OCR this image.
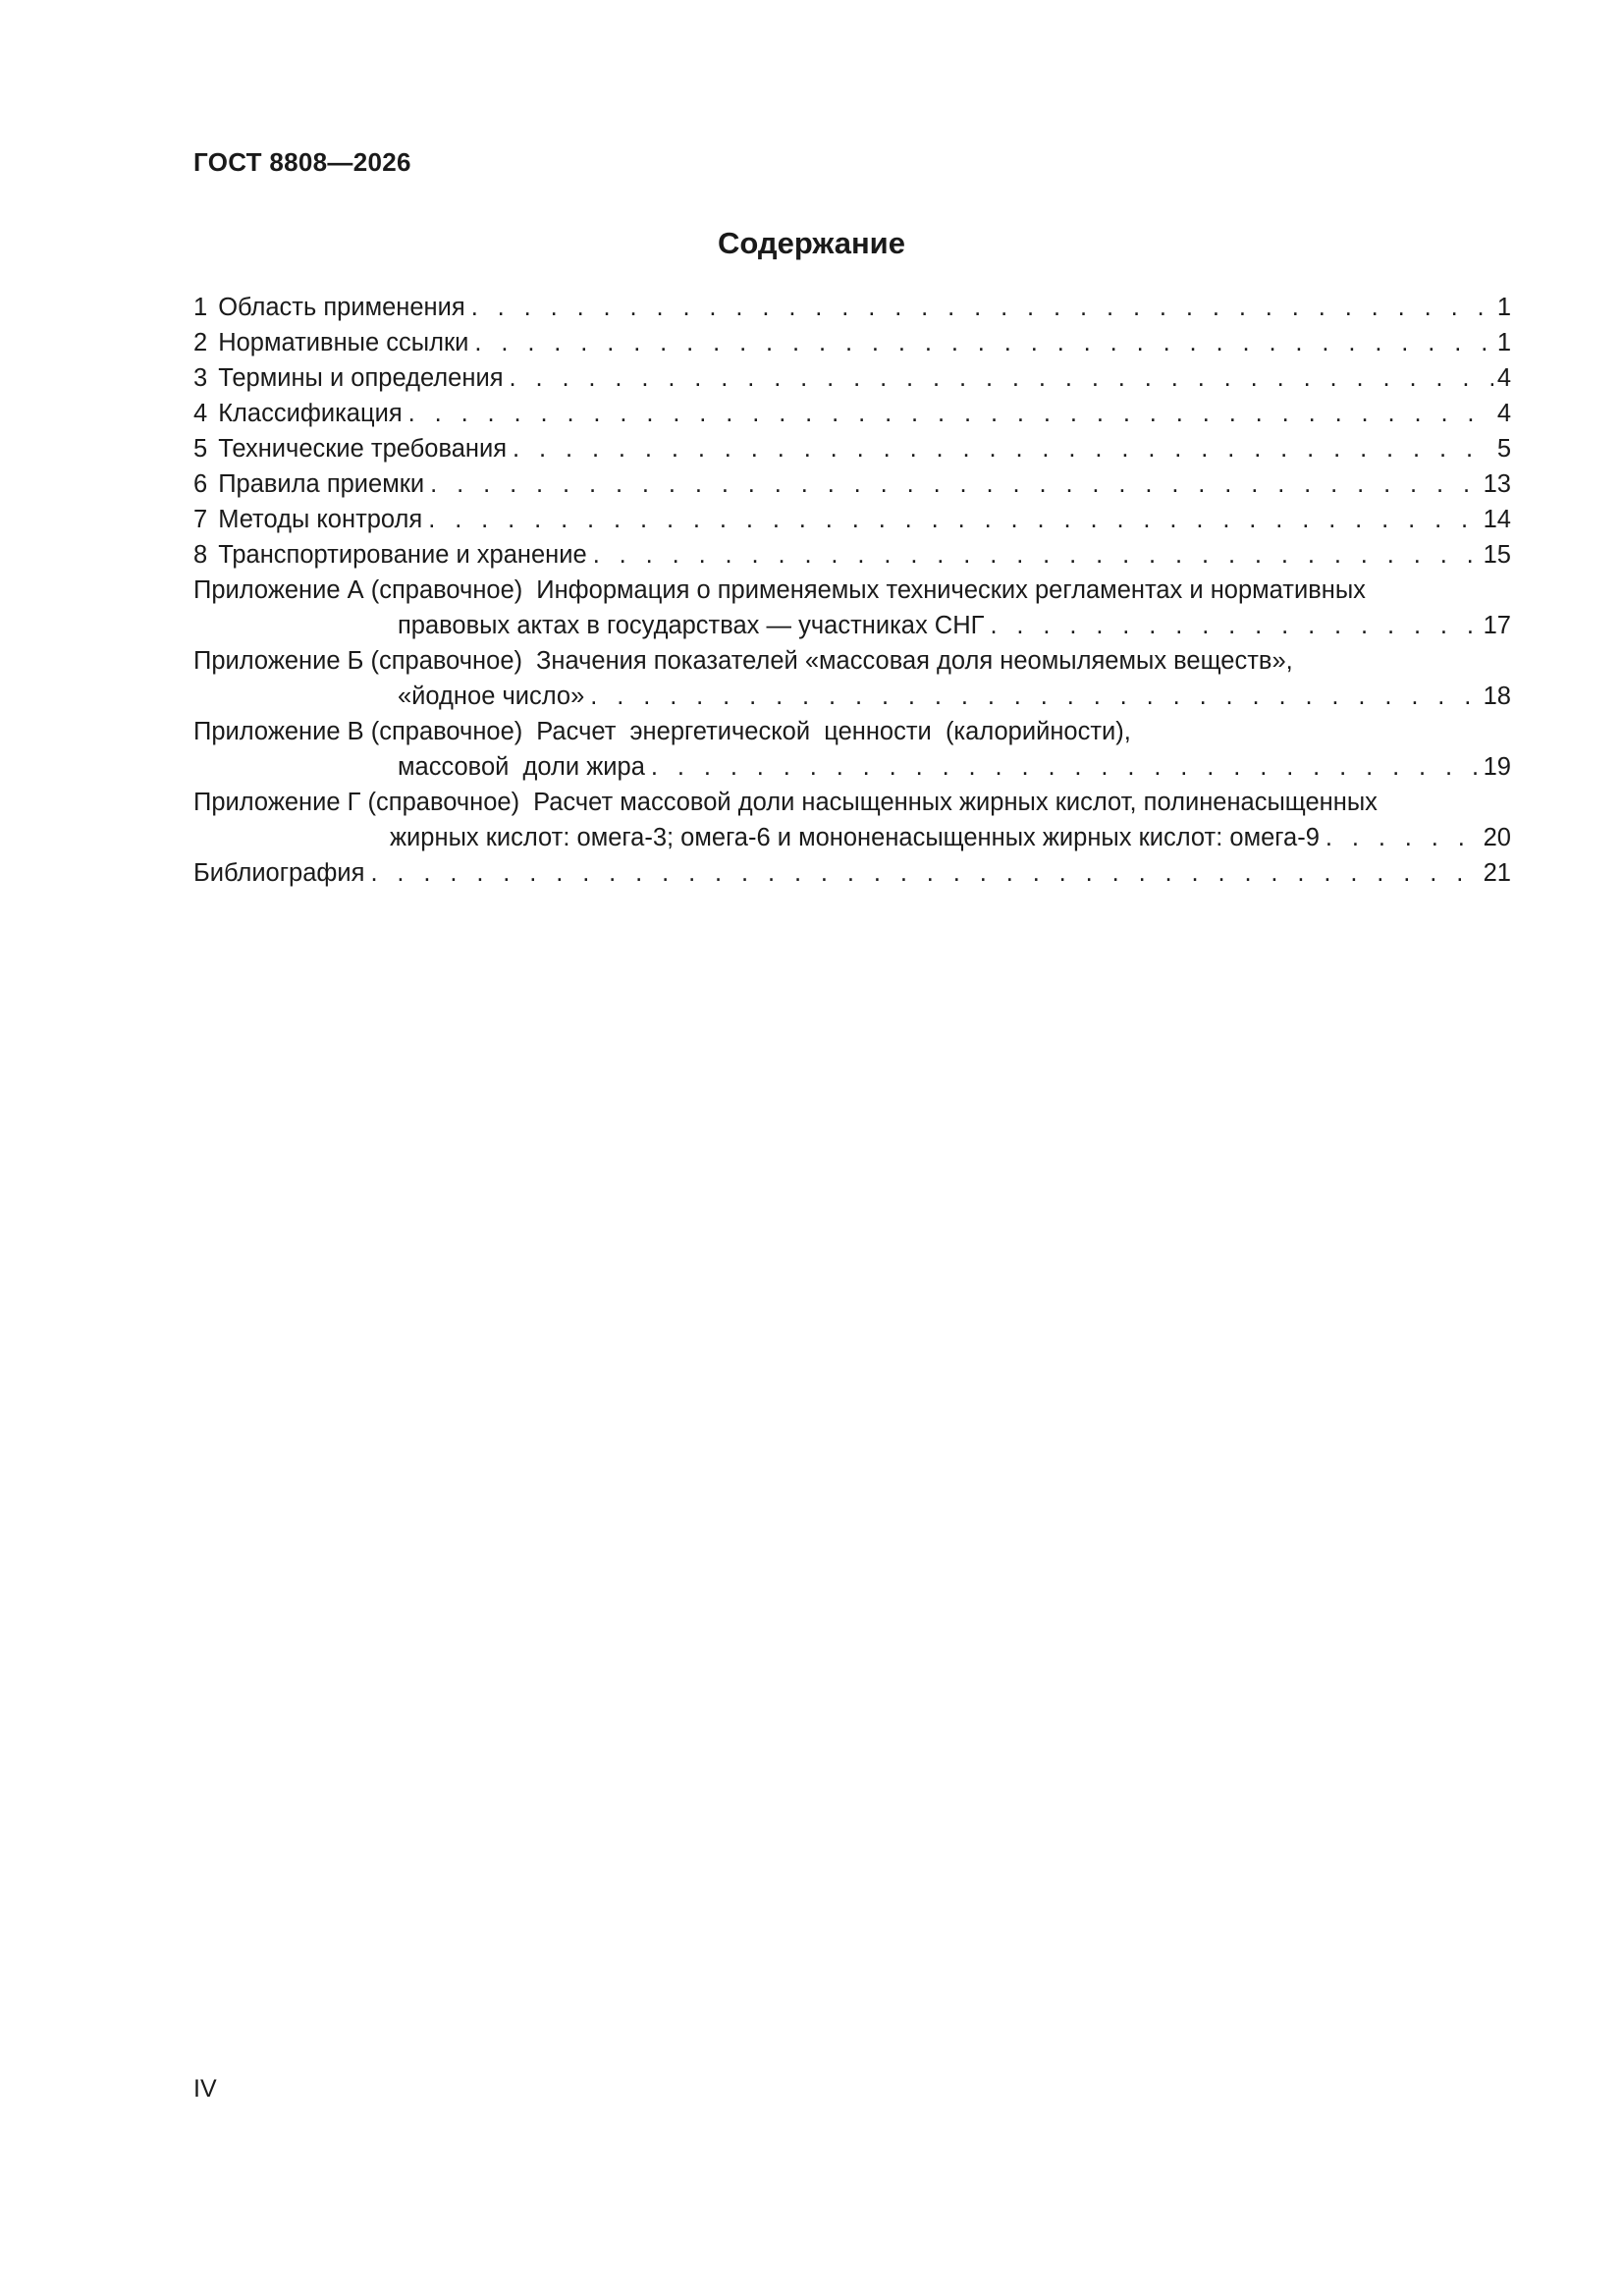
ГОСТ 8808—2026
Содержание
1 Область применения . . .	1
2 Нормативные ссылки . . .	1
3 Термины и определения . . .	4
4 Классификация . . .	4
5 Технические требования . . .	5
6 Правила приемки . . .	13
7 Методы контроля . . .	14
8 Транспортирование и хранение . . .	15
Приложение А (справочное) Информация о применяемых технических регламентах и нормативных
правовых актах в государствах — участниках СНГ . . .	17
Приложение Б (справочное) Значения показателей «массовая доля неомыляемых веществ»,
«йодное число» . . .	18
Приложение В (справочное) Расчет  энергетической  ценности  (калорийности),
массовой  доли жира . . .	19
Приложение Г (справочное) Расчет массовой доли насыщенных жирных кислот, полиненасыщенных
жирных кислот: омега-3; омега-6 и мононенасыщенных жирных кислот: омега-9 . . .	20
Библиография . . .	21
IV
